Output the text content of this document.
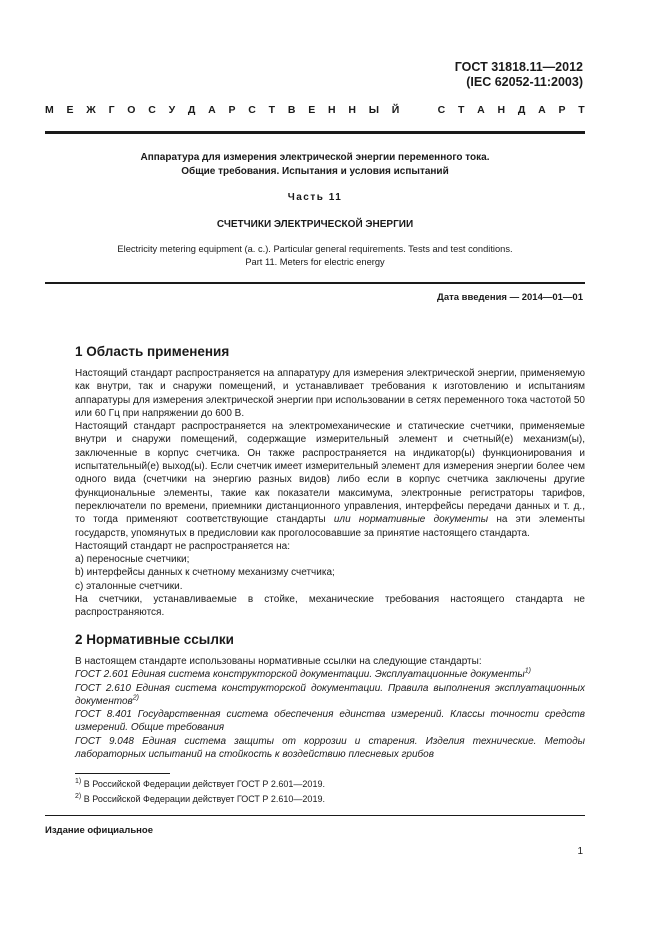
ГОСТ 31818.11—2012
(IEC 62052-11:2003)
М Е Ж Г О С У Д А Р С Т В Е Н Н Ы Й	С Т А Н Д А Р Т
Аппаратура для измерения электрической энергии переменного тока.
Общие требования. Испытания и условия испытаний
Часть 11
СЧЕТЧИКИ ЭЛЕКТРИЧЕСКОЙ ЭНЕРГИИ
Electricity metering equipment (a. c.). Particular general requirements. Tests and test conditions.
Part 11. Meters for electric energy
Дата введения — 2014—01—01
1 Область применения

Настоящий стандарт распространяется на аппаратуру для измерения электрической энергии, применяемую как внутри, так и снаружи помещений, и устанавливает требования к изготовлению и испытаниям аппаратуры для измерения электрической энергии при использовании в сетях переменного тока частотой 50 или 60 Гц при напряжении до 600 В.

Настоящий стандарт распространяется на электромеханические и статические счетчики, применяемые внутри и снаружи помещений, содержащие измерительный элемент и счетный(е) механизм(ы), заключенные в корпус счетчика. Он также распространяется на индикатор(ы) функционирования и испытательный(е) выход(ы). Если счетчик имеет измерительный элемент для измерения энергии более чем одного вида (счетчики на энергию разных видов) либо если в корпус счетчика заключены другие функциональные элементы, такие как показатели максимума, электронные регистраторы тарифов, переключатели по времени, приемники дистанционного управления, интерфейсы передачи данных и т. д., то тогда применяют соответствующие стандарты или нормативные документы на эти элементы государств, упомянутых в предисловии как проголосовавшие за принятие настоящего стандарта.

Настоящий стандарт не распространяется на:

a) переносные счетчики;
b) интерфейсы данных к счетному механизму счетчика;
c) эталонные счетчики.

На счетчики, устанавливаемые в стойке, механические требования настоящего стандарта не распространяются.

2 Нормативные ссылки

В настоящем стандарте использованы нормативные ссылки на следующие стандарты:

ГОСТ 2.601 Единая система конструкторской документации. Эксплуатационные документы$^{1)}$

ГОСТ 2.610 Единая система конструкторской документации. Правила выполнения эксплуатационных документов$^{2)}$

ГОСТ 8.401 Государственная система обеспечения единства измерений. Классы точности средств измерений. Общие требования

ГОСТ 9.048 Единая система защиты от коррозии и старения. Изделия технические. Методы лабораторных испытаний на стойкость к воздействию плесневых грибов

$^{1)}$ В Российской Федерации действует ГОСТ Р 2.601—2019.
$^{2)}$ В Российской Федерации действует ГОСТ Р 2.610—2019.
Издание официальное
1
